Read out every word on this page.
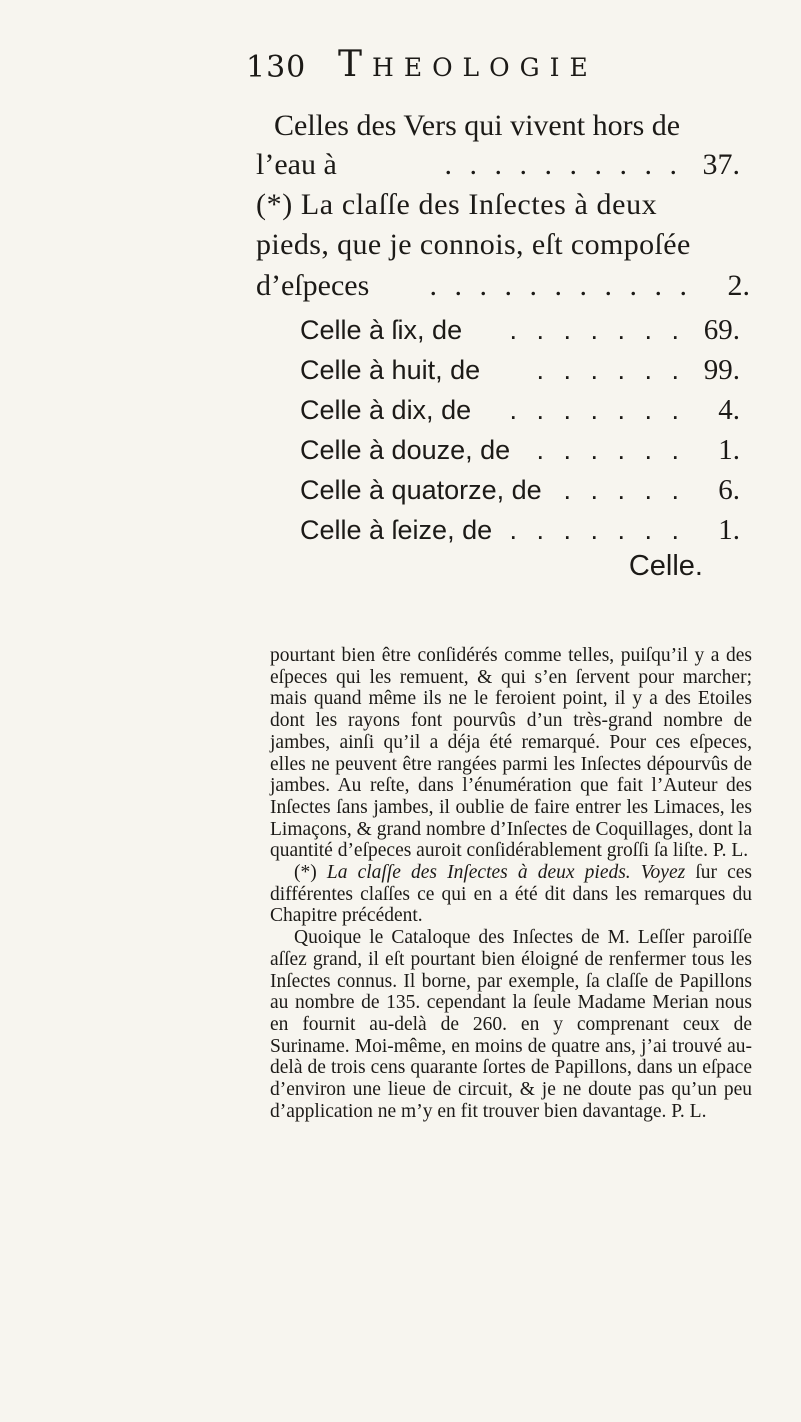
130 Theologie
Celles des Vers qui vivent hors de
l’eau à	. . . . . . . . . . 37.
(*) La claſſe des Inſectes à deux
pieds, que je connois, eſt compoſée
d’eſpeces	. . . . . . . . . . . 2.
Celle à ſix, de	. . . . . . . 69.
Celle à huit, de	. . . . . . 99.
Celle à dix, de	. . . . . . . 4.
Celle à douze, de . . . . . . 1.
Celle à quatorze, de . . . . . 6.
Celle à ſeize, de . . . . . . . 1.
Celle.

pourtant bien être conſidérés comme telles, puiſqu’il y a des eſpeces qui les remuent, & qui s’en ſervent pour marcher; mais quand même ils ne le feroient point, il y a des Etoiles dont les rayons font pourvûs d’un très-grand nombre de jambes, ainſi qu’il a déja été remarqué. Pour ces eſpeces, elles ne peuvent être rangées parmi les Inſectes dépourvûs de jambes. Au reſte, dans l’énumération que fait l’Auteur des Inſectes ſans jambes, il oublie de faire entrer les Limaces, les Limaçons, & grand nombre d’Inſectes de Coquillages, dont la quantité d’eſpeces auroit conſidérablement groſſi ſa liſte. P. L.

(*) La claſſe des Inſectes à deux pieds. Voyez ſur ces différentes claſſes ce qui en a été dit dans les remarques du Chapitre précédent.

Quoique le Cataloque des Inſectes de M. Leſſer paroiſſe aſſez grand, il eſt pourtant bien éloigné de renfermer tous les Inſectes connus. Il borne, par exemple, ſa claſſe de Papillons au nombre de 135. cependant la ſeule Madame Merian nous en fournit au-delà de 260. en y comprenant ceux de Suriname. Moi-même, en moins de quatre ans, j’ai trouvé au-delà de trois cens quarante ſortes de Papillons, dans un eſpace d’environ une lieue de circuit, & je ne doute pas qu’un peu d’application ne m’y en fit trouver bien davantage. P. L.
